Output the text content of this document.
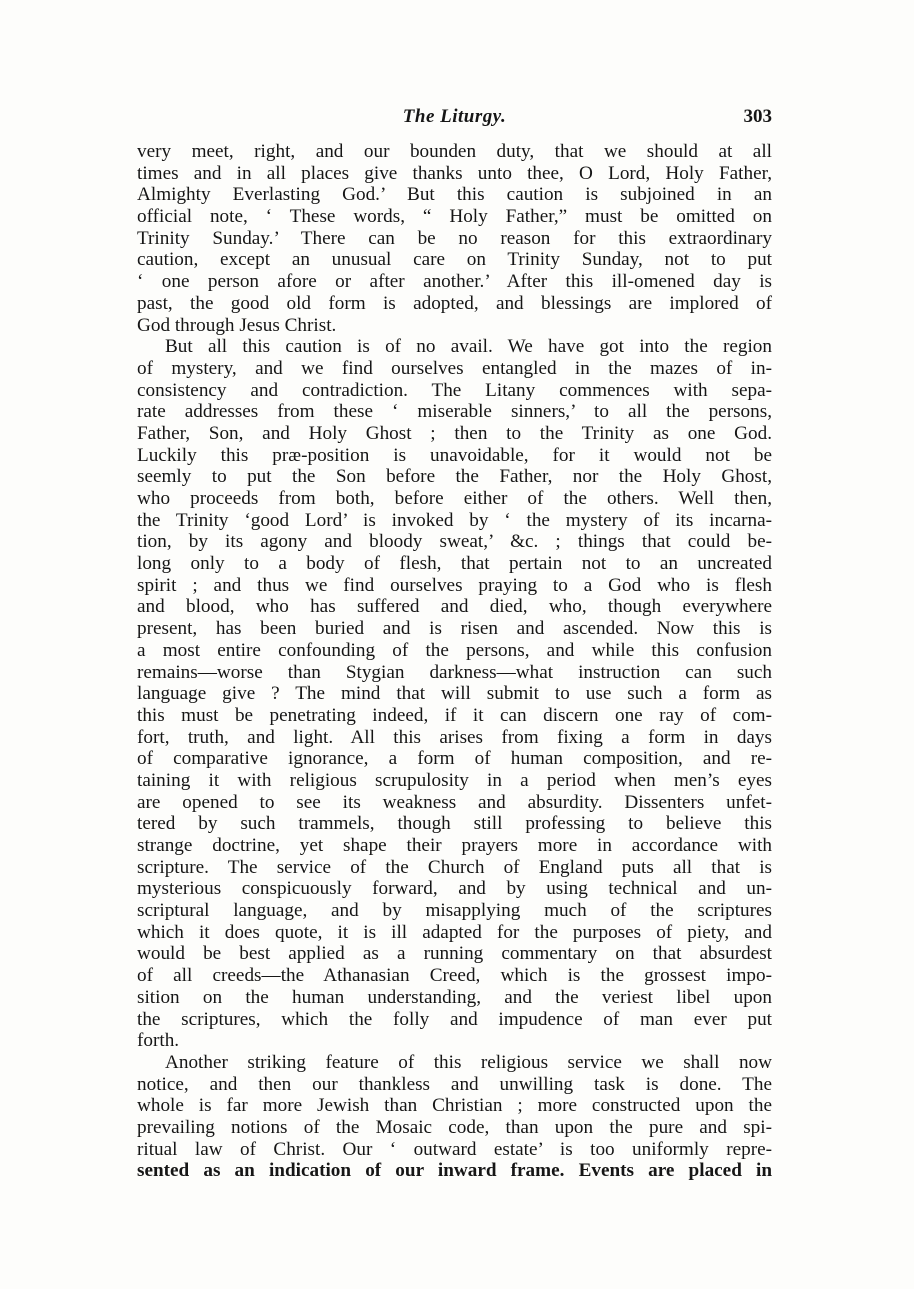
The Liturgy.	303
very meet, right, and our bounden duty, that we should at all
times and in all places give thanks unto thee, O Lord, Holy Father,
Almighty Everlasting God.’ But this caution is subjoined in an
official note, ‘ These words, “ Holy Father,” must be omitted on
Trinity Sunday.’ There can be no reason for this extraordinary
caution, except an unusual care on Trinity Sunday, not to put
‘ one person afore or after another.’ After this ill-omened day is
past, the good old form is adopted, and blessings are implored of
God through Jesus Christ.
But all this caution is of no avail. We have got into the region
of mystery, and we find ourselves entangled in the mazes of in-
consistency and contradiction. The Litany commences with sepa-
rate addresses from these ‘ miserable sinners,’ to all the persons,
Father, Son, and Holy Ghost ; then to the Trinity as one God.
Luckily this præ-position is unavoidable, for it would not be
seemly to put the Son before the Father, nor the Holy Ghost,
who proceeds from both, before either of the others. Well then,
the Trinity ‘good Lord’ is invoked by ‘ the mystery of its incarna-
tion, by its agony and bloody sweat,’ &c. ; things that could be-
long only to a body of flesh, that pertain not to an uncreated
spirit ; and thus we find ourselves praying to a God who is flesh
and blood, who has suffered and died, who, though everywhere
present, has been buried and is risen and ascended. Now this is
a most entire confounding of the persons, and while this confusion
remains—worse than Stygian darkness—what instruction can such
language give ? The mind that will submit to use such a form as
this must be penetrating indeed, if it can discern one ray of com-
fort, truth, and light. All this arises from fixing a form in days
of comparative ignorance, a form of human composition, and re-
taining it with religious scrupulosity in a period when men’s eyes
are opened to see its weakness and absurdity. Dissenters unfet-
tered by such trammels, though still professing to believe this
strange doctrine, yet shape their prayers more in accordance with
scripture. The service of the Church of England puts all that is
mysterious conspicuously forward, and by using technical and un-
scriptural language, and by misapplying much of the scriptures
which it does quote, it is ill adapted for the purposes of piety, and
would be best applied as a running commentary on that absurdest
of all creeds—the Athanasian Creed, which is the grossest impo-
sition on the human understanding, and the veriest libel upon
the scriptures, which the folly and impudence of man ever put
forth.
Another striking feature of this religious service we shall now
notice, and then our thankless and unwilling task is done. The
whole is far more Jewish than Christian ; more constructed upon the
prevailing notions of the Mosaic code, than upon the pure and spi-
ritual law of Christ. Our ‘ outward estate’ is too uniformly repre-
sented as an indication of our inward frame. Events are placed in
